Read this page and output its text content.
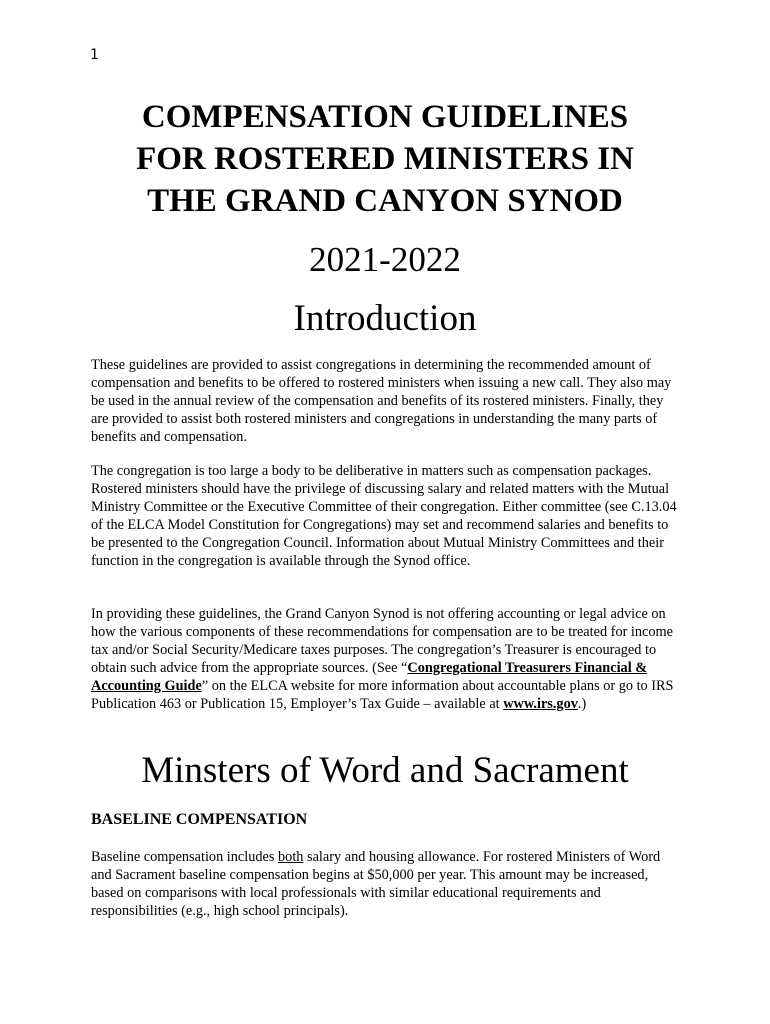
1
COMPENSATION GUIDELINES
FOR ROSTERED MINISTERS IN
THE GRAND CANYON SYNOD
2021-2022
Introduction

These guidelines are provided to assist congregations in determining the recommended amount of compensation and benefits to be offered to rostered ministers when issuing a new call. They also may be used in the annual review of the compensation and benefits of its rostered ministers. Finally, they are provided to assist both rostered ministers and congregations in understanding the many parts of benefits and compensation.

The congregation is too large a body to be deliberative in matters such as compensation packages. Rostered ministers should have the privilege of discussing salary and related matters with the Mutual Ministry Committee or the Executive Committee of their congregation. Either committee (see C.13.04 of the ELCA Model Constitution for Congregations) may set and recommend salaries and benefits to be presented to the Congregation Council. Information about Mutual Ministry Committees and their function in the congregation is available through the Synod office.

In providing these guidelines, the Grand Canyon Synod is not offering accounting or legal advice on how the various components of these recommendations for compensation are to be treated for income tax and/or Social Security/Medicare taxes purposes. The congregation’s Treasurer is encouraged to obtain such advice from the appropriate sources. (See “Congregational Treasurers Financial & Accounting Guide” on the ELCA website for more information about accountable plans or go to IRS Publication 463 or Publication 15, Employer’s Tax Guide – available at www.irs.gov.)

Minsters of Word and Sacrament
BASELINE COMPENSATION

Baseline compensation includes both salary and housing allowance. For rostered Ministers of Word and Sacrament baseline compensation begins at $50,000 per year. This amount may be increased, based on comparisons with local professionals with similar educational requirements and responsibilities (e.g., high school principals).
